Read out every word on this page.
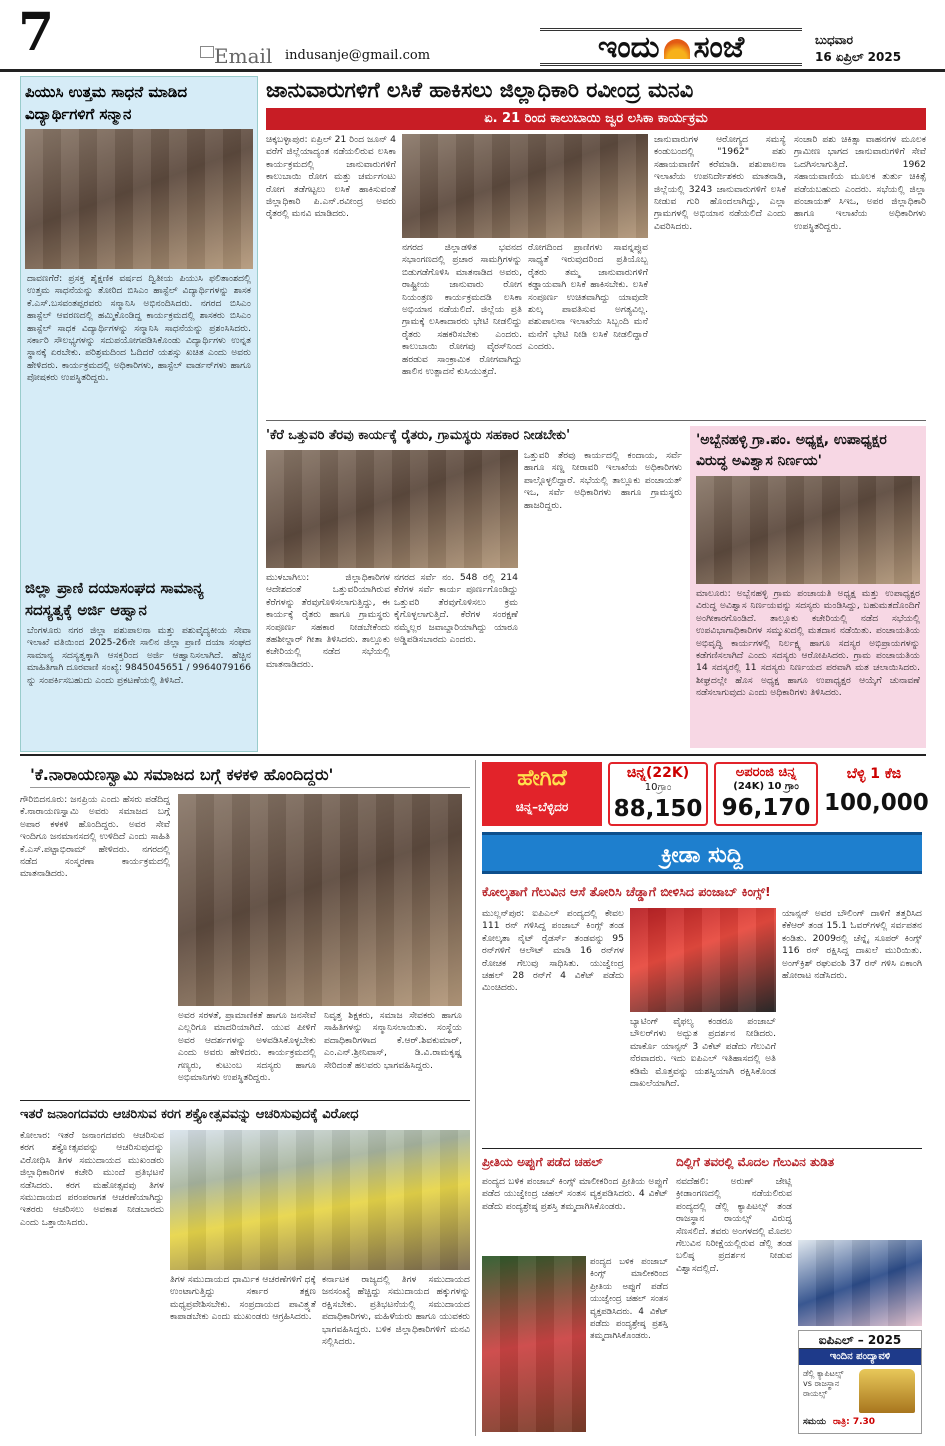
7	Email indusanje@gmail.com	ಇಂದು ಸಂಜೆ	ಬುಧವಾರ
16 ಏಪ್ರಿಲ್ 2025
ಪಿಯುಸಿ ಉತ್ತಮ ಸಾಧನೆ ಮಾಡಿದ ವಿದ್ಯಾರ್ಥಿಗಳಿಗೆ ಸನ್ಮಾನ
ದಾವಣಗೆರೆ: ಪ್ರಸಕ್ತ ಶೈಕ್ಷಣಿಕ ವರ್ಷದ ದ್ವಿತೀಯ ಪಿಯುಸಿ ಫಲಿತಾಂಶದಲ್ಲಿ ಉತ್ತಮ ಸಾಧನೆಯನ್ನು ತೋರಿದ ಬಿಸಿಎಂ ಹಾಸ್ಟೆಲ್ ವಿದ್ಯಾರ್ಥಿಗಳನ್ನು ಶಾಸಕ ಕೆ.ಎಸ್.ಬಸವಂತಪ್ಪರವರು ಸನ್ಮಾನಿಸಿ ಅಭಿನಂದಿಸಿದರು. ನಗರದ ಬಿಸಿಎಂ ಹಾಸ್ಟೆಲ್ ಆವರಣದಲ್ಲಿ ಹಮ್ಮಿಕೊಂಡಿದ್ದ ಕಾರ್ಯಕ್ರಮದಲ್ಲಿ ಶಾಸಕರು ಬಿಸಿಎಂ ಹಾಸ್ಟೆಲ್ ಸಾಧಕ ವಿದ್ಯಾರ್ಥಿಗಳನ್ನು ಸನ್ಮಾನಿಸಿ ಸಾಧನೆಯನ್ನು ಪ್ರಶಂಸಿಸಿದರು. ಸರ್ಕಾರಿ ಸೌಲಭ್ಯಗಳನ್ನು ಸದುಪಯೋಗಪಡಿಸಿಕೊಂಡು ವಿದ್ಯಾರ್ಥಿಗಳು ಉನ್ನತ ಸ್ಥಾನಕ್ಕೆ ಏರಬೇಕು. ಪರಿಶ್ರಮದಿಂದ ಓದಿದರೆ ಯಶಸ್ಸು ಖಚಿತ ಎಂದು ಅವರು ಹೇಳಿದರು. ಕಾರ್ಯಕ್ರಮದಲ್ಲಿ ಅಧಿಕಾರಿಗಳು, ಹಾಸ್ಟೆಲ್ ವಾರ್ಡನ್‌ಗಳು ಹಾಗೂ ಪೋಷಕರು ಉಪಸ್ಥಿತರಿದ್ದರು.
ಜಿಲ್ಲಾ ಪ್ರಾಣಿ ದಯಾಸಂಘದ ಸಾಮಾನ್ಯ ಸದಸ್ಯತ್ವಕ್ಕೆ ಅರ್ಜಿ ಆಹ್ವಾನ
ಬೆಂಗಳೂರು ನಗರ ಜಿಲ್ಲಾ ಪಶುಪಾಲನಾ ಮತ್ತು ಪಶುವೈದ್ಯಕೀಯ ಸೇವಾ ಇಲಾಖೆ ವತಿಯಿಂದ 2025-26ನೇ ಸಾಲಿನ ಜಿಲ್ಲಾ ಪ್ರಾಣಿ ದಯಾ ಸಂಘದ ಸಾಮಾನ್ಯ ಸದಸ್ಯತ್ವಕ್ಕಾಗಿ ಆಸಕ್ತರಿಂದ ಅರ್ಜಿ ಆಹ್ವಾನಿಸಲಾಗಿದೆ. ಹೆಚ್ಚಿನ ಮಾಹಿತಿಗಾಗಿ ದೂರವಾಣಿ ಸಂಖ್ಯೆ: 9845045651 / 9964079166 ನ್ನು ಸಂಪರ್ಕಿಸಬಹುದು ಎಂದು ಪ್ರಕಟಣೆಯಲ್ಲಿ ತಿಳಿಸಿದೆ.
ಜಾನುವಾರುಗಳಿಗೆ ಲಸಿಕೆ ಹಾಕಿಸಲು ಜಿಲ್ಲಾಧಿಕಾರಿ ರವೀಂದ್ರ ಮನವಿ
ಏ. 21 ರಿಂದ ಕಾಲುಬಾಯಿ ಜ್ವರ ಲಸಿಕಾ ಕಾರ್ಯಕ್ರಮ
ಚಿಕ್ಕಬಳ್ಳಾಪುರ: ಏಪ್ರಿಲ್ 21 ರಿಂದ ಜೂನ್ 4 ವರೆಗೆ ಜಿಲ್ಲೆಯಾದ್ಯಂತ ನಡೆಯಲಿರುವ ಲಸಿಕಾ ಕಾರ್ಯಕ್ರಮದಲ್ಲಿ ಜಾನುವಾರುಗಳಿಗೆ ಕಾಲುಬಾಯಿ ರೋಗ ಮತ್ತು ಚರ್ಮಗಂಟು ರೋಗ ತಡೆಗಟ್ಟಲು ಲಸಿಕೆ ಹಾಕಿಸುವಂತೆ ಜಿಲ್ಲಾಧಿಕಾರಿ ಪಿ.ಎನ್.ರವೀಂದ್ರ ಅವರು ರೈತರಲ್ಲಿ ಮನವಿ ಮಾಡಿದರು.
ನಗರದ ಜಿಲ್ಲಾಡಳಿತ ಭವನದ ಸಭಾಂಗಣದಲ್ಲಿ ಪ್ರಚಾರ ಸಾಮಗ್ರಿಗಳನ್ನು ಬಿಡುಗಡೆಗೊಳಿಸಿ ಮಾತನಾಡಿದ ಅವರು, ರಾಷ್ಟ್ರೀಯ ಜಾನುವಾರು ರೋಗ ನಿಯಂತ್ರಣ ಕಾರ್ಯಕ್ರಮದಡಿ ಲಸಿಕಾ ಅಭಿಯಾನ ನಡೆಯಲಿದೆ. ಜಿಲ್ಲೆಯ ಪ್ರತಿ ಗ್ರಾಮಕ್ಕೆ ಲಸಿಕಾದಾರರು ಭೇಟಿ ನೀಡಲಿದ್ದು ರೈತರು ಸಹಕರಿಸಬೇಕು ಎಂದರು. ಕಾಲುಬಾಯಿ ರೋಗವು ವೈರಸ್‌ನಿಂದ ಹರಡುವ ಸಾಂಕ್ರಾಮಿಕ ರೋಗವಾಗಿದ್ದು ಹಾಲಿನ ಉತ್ಪಾದನೆ ಕುಸಿಯುತ್ತದೆ.
ರೋಗದಿಂದ ಪ್ರಾಣಿಗಳು ಸಾವನ್ನಪ್ಪುವ ಸಾಧ್ಯತೆ ಇರುವುದರಿಂದ ಪ್ರತಿಯೊಬ್ಬ ರೈತರು ತಮ್ಮ ಜಾನುವಾರುಗಳಿಗೆ ಕಡ್ಡಾಯವಾಗಿ ಲಸಿಕೆ ಹಾಕಿಸಬೇಕು. ಲಸಿಕೆ ಸಂಪೂರ್ಣ ಉಚಿತವಾಗಿದ್ದು ಯಾವುದೇ ಶುಲ್ಕ ಪಾವತಿಸುವ ಅಗತ್ಯವಿಲ್ಲ. ಪಶುಪಾಲನಾ ಇಲಾಖೆಯ ಸಿಬ್ಬಂದಿ ಮನೆ ಮನೆಗೆ ಭೇಟಿ ನೀಡಿ ಲಸಿಕೆ ನೀಡಲಿದ್ದಾರೆ ಎಂದರು.
ಜಾನುವಾರುಗಳ ಆರೋಗ್ಯದ ಸಮಸ್ಯೆ ಕಂಡುಬಂದಲ್ಲಿ "1962" ಪಶು ಸಹಾಯವಾಣಿಗೆ ಕರೆಮಾಡಿ. ಪಶುಪಾಲನಾ ಇಲಾಖೆಯ ಉಪನಿರ್ದೇಶಕರು ಮಾತನಾಡಿ, ಜಿಲ್ಲೆಯಲ್ಲಿ 3243 ಜಾನುವಾರುಗಳಿಗೆ ಲಸಿಕೆ ನೀಡುವ ಗುರಿ ಹೊಂದಲಾಗಿದ್ದು, ಎಲ್ಲಾ ಗ್ರಾಮಗಳಲ್ಲಿ ಅಭಿಯಾನ ನಡೆಯಲಿದೆ ಎಂದು ವಿವರಿಸಿದರು.
ಸಂಚಾರಿ ಪಶು ಚಿಕಿತ್ಸಾ ವಾಹನಗಳ ಮೂಲಕ ಗ್ರಾಮೀಣ ಭಾಗದ ಜಾನುವಾರುಗಳಿಗೆ ಸೇವೆ ಒದಗಿಸಲಾಗುತ್ತಿದೆ. 1962 ಸಹಾಯವಾಣಿಯ ಮೂಲಕ ತುರ್ತು ಚಿಕಿತ್ಸೆ ಪಡೆಯಬಹುದು ಎಂದರು. ಸಭೆಯಲ್ಲಿ ಜಿಲ್ಲಾ ಪಂಚಾಯತ್ ಸಿಇಒ, ಅಪರ ಜಿಲ್ಲಾಧಿಕಾರಿ ಹಾಗೂ ಇಲಾಖೆಯ ಅಧಿಕಾರಿಗಳು ಉಪಸ್ಥಿತರಿದ್ದರು.
'ಕೆರೆ ಒತ್ತುವರಿ ತೆರವು ಕಾರ್ಯಕ್ಕೆ ರೈತರು, ಗ್ರಾಮಸ್ಥರು ಸಹಕಾರ ನೀಡಬೇಕು'
ಮುಳಬಾಗಿಲು: ಜಿಲ್ಲಾಧಿಕಾರಿಗಳ ಆದೇಶದಂತೆ ಒತ್ತುವರಿಯಾಗಿರುವ ಕೆರೆಗಳನ್ನು ತೆರವುಗೊಳಿಸಲಾಗುತ್ತಿದ್ದು, ಈ ಕಾರ್ಯಕ್ಕೆ ರೈತರು ಹಾಗೂ ಗ್ರಾಮಸ್ಥರು ಸಂಪೂರ್ಣ ಸಹಕಾರ ನೀಡಬೇಕೆಂದು ತಹಶೀಲ್ದಾರ್ ಗೀತಾ ತಿಳಿಸಿದರು. ತಾಲ್ಲೂಕು ಕಚೇರಿಯಲ್ಲಿ ನಡೆದ ಸಭೆಯಲ್ಲಿ ಮಾತನಾಡಿದರು.
ನಗರದ ಸರ್ವೆ ನಂ. 548 ರಲ್ಲಿ 214 ಕೆರೆಗಳ ಸರ್ವೆ ಕಾರ್ಯ ಪೂರ್ಣಗೊಂಡಿದ್ದು ಒತ್ತುವರಿ ತೆರವುಗೊಳಿಸಲು ಕ್ರಮ ಕೈಗೊಳ್ಳಲಾಗುತ್ತಿದೆ. ಕೆರೆಗಳ ಸಂರಕ್ಷಣೆ ನಮ್ಮೆಲ್ಲರ ಜವಾಬ್ದಾರಿಯಾಗಿದ್ದು ಯಾರೂ ಅಡ್ಡಿಪಡಿಸಬಾರದು ಎಂದರು.
ಒತ್ತುವರಿ ತೆರವು ಕಾರ್ಯದಲ್ಲಿ ಕಂದಾಯ, ಸರ್ವೆ ಹಾಗೂ ಸಣ್ಣ ನೀರಾವರಿ ಇಲಾಖೆಯ ಅಧಿಕಾರಿಗಳು ಪಾಲ್ಗೊಳ್ಳಲಿದ್ದಾರೆ. ಸಭೆಯಲ್ಲಿ ತಾಲ್ಲೂಕು ಪಂಚಾಯತ್ ಇಒ, ಸರ್ವೆ ಅಧಿಕಾರಿಗಳು ಹಾಗೂ ಗ್ರಾಮಸ್ಥರು ಹಾಜರಿದ್ದರು.
'ಅಬ್ಬೆನಹಳ್ಳಿ ಗ್ರಾ.ಪಂ. ಅಧ್ಯಕ್ಷ, ಉಪಾಧ್ಯಕ್ಷರ ವಿರುದ್ಧ ಅವಿಶ್ವಾಸ ನಿರ್ಣಯ'
ಮಾಲೂರು: ಅಬ್ಬೆನಹಳ್ಳಿ ಗ್ರಾಮ ಪಂಚಾಯತಿ ಅಧ್ಯಕ್ಷ ಮತ್ತು ಉಪಾಧ್ಯಕ್ಷರ ವಿರುದ್ಧ ಅವಿಶ್ವಾಸ ನಿರ್ಣಯವನ್ನು ಸದಸ್ಯರು ಮಂಡಿಸಿದ್ದು, ಬಹುಮತದೊಂದಿಗೆ ಅಂಗೀಕಾರಗೊಂಡಿದೆ. ತಾಲ್ಲೂಕು ಕಚೇರಿಯಲ್ಲಿ ನಡೆದ ಸಭೆಯಲ್ಲಿ ಉಪವಿಭಾಗಾಧಿಕಾರಿಗಳ ಸಮ್ಮುಖದಲ್ಲಿ ಮತದಾನ ನಡೆಯಿತು. ಪಂಚಾಯತಿಯ ಅಭಿವೃದ್ಧಿ ಕಾರ್ಯಗಳಲ್ಲಿ ನಿರ್ಲಕ್ಷ್ಯ ಹಾಗೂ ಸದಸ್ಯರ ಅಭಿಪ್ರಾಯಗಳನ್ನು ಕಡೆಗಣಿಸಲಾಗಿದೆ ಎಂದು ಸದಸ್ಯರು ಆರೋಪಿಸಿದರು. ಗ್ರಾಮ ಪಂಚಾಯತಿಯ 14 ಸದಸ್ಯರಲ್ಲಿ 11 ಸದಸ್ಯರು ನಿರ್ಣಯದ ಪರವಾಗಿ ಮತ ಚಲಾಯಿಸಿದರು. ಶೀಘ್ರದಲ್ಲೇ ಹೊಸ ಅಧ್ಯಕ್ಷ ಹಾಗೂ ಉಪಾಧ್ಯಕ್ಷರ ಆಯ್ಕೆಗೆ ಚುನಾವಣೆ ನಡೆಸಲಾಗುವುದು ಎಂದು ಅಧಿಕಾರಿಗಳು ತಿಳಿಸಿದರು.
'ಕೆ.ನಾರಾಯಣಸ್ವಾಮಿ ಸಮಾಜದ ಬಗ್ಗೆ ಕಳಕಳಿ ಹೊಂದಿದ್ದರು'
ಗೌರಿಬಿದನೂರು: ಜನಪ್ರಿಯ ಎಂದು ಹೆಸರು ಪಡೆದಿದ್ದ ಕೆ.ನಾರಾಯಣಸ್ವಾಮಿ ಅವರು ಸಮಾಜದ ಬಗ್ಗೆ ಅಪಾರ ಕಳಕಳಿ ಹೊಂದಿದ್ದರು. ಅವರ ಸೇವೆ ಇಂದಿಗೂ ಜನಮಾನಸದಲ್ಲಿ ಉಳಿದಿದೆ ಎಂದು ಸಾಹಿತಿ ಕೆ.ಎಸ್.ಪಟ್ಟಾಭಿರಾಮ್ ಹೇಳಿದರು. ನಗರದಲ್ಲಿ ನಡೆದ ಸಂಸ್ಮರಣಾ ಕಾರ್ಯಕ್ರಮದಲ್ಲಿ ಮಾತನಾಡಿದರು.
ಅವರ ಸರಳತೆ, ಪ್ರಾಮಾಣಿಕತೆ ಹಾಗೂ ಜನಸೇವೆ ಎಲ್ಲರಿಗೂ ಮಾದರಿಯಾಗಿದೆ. ಯುವ ಪೀಳಿಗೆ ಅವರ ಆದರ್ಶಗಳನ್ನು ಅಳವಡಿಸಿಕೊಳ್ಳಬೇಕು ಎಂದು ಅವರು ಹೇಳಿದರು. ಕಾರ್ಯಕ್ರಮದಲ್ಲಿ ಗಣ್ಯರು, ಕುಟುಂಬ ಸದಸ್ಯರು ಹಾಗೂ ಅಭಿಮಾನಿಗಳು ಉಪಸ್ಥಿತರಿದ್ದರು.
ನಿವೃತ್ತ ಶಿಕ್ಷಕರು, ಸಮಾಜ ಸೇವಕರು ಹಾಗೂ ಸಾಹಿತಿಗಳನ್ನು ಸನ್ಮಾನಿಸಲಾಯಿತು. ಸಂಸ್ಥೆಯ ಪದಾಧಿಕಾರಿಗಳಾದ ಕೆ.ಆರ್.ಶಿವಕುಮಾರ್, ಎಂ.ಎನ್.ಶ್ರೀನಿವಾಸ್, ಡಿ.ವಿ.ರಾಮಕೃಷ್ಣ ಸೇರಿದಂತೆ ಹಲವರು ಭಾಗವಹಿಸಿದ್ದರು.
ಇತರೆ ಜನಾಂಗದವರು ಆಚರಿಸುವ ಕರಗ ಶಕ್ತ್ಯೋತ್ಸವವನ್ನು ಆಚರಿಸುವುದಕ್ಕೆ ವಿರೋಧ
ಕೋಲಾರ: ಇತರೆ ಜನಾಂಗದವರು ಆಚರಿಸುವ ಕರಗ ಶಕ್ತ್ಯೋತ್ಸವವನ್ನು ಆಚರಿಸುವುದನ್ನು ವಿರೋಧಿಸಿ ತಿಗಳ ಸಮುದಾಯದ ಮುಖಂಡರು ಜಿಲ್ಲಾಧಿಕಾರಿಗಳ ಕಚೇರಿ ಮುಂದೆ ಪ್ರತಿಭಟನೆ ನಡೆಸಿದರು. ಕರಗ ಮಹೋತ್ಸವವು ತಿಗಳ ಸಮುದಾಯದ ಪರಂಪರಾಗತ ಆಚರಣೆಯಾಗಿದ್ದು ಇತರರು ಆಚರಿಸಲು ಅವಕಾಶ ನೀಡಬಾರದು ಎಂದು ಒತ್ತಾಯಿಸಿದರು.
ತಿಗಳ ಸಮುದಾಯದ ಧಾರ್ಮಿಕ ಆಚರಣೆಗಳಿಗೆ ಧಕ್ಕೆ ಉಂಟಾಗುತ್ತಿದ್ದು ಸರ್ಕಾರ ತಕ್ಷಣ ಮಧ್ಯಪ್ರವೇಶಿಸಬೇಕು. ಸಂಪ್ರದಾಯದ ಪಾವಿತ್ರ್ಯತೆ ಕಾಪಾಡಬೇಕು ಎಂದು ಮುಖಂಡರು ಆಗ್ರಹಿಸಿದರು.
ಕರ್ನಾಟಕ ರಾಜ್ಯದಲ್ಲಿ ತಿಗಳ ಸಮುದಾಯದ ಜನಸಂಖ್ಯೆ ಹೆಚ್ಚಿದ್ದು ಸಮುದಾಯದ ಹಕ್ಕುಗಳನ್ನು ರಕ್ಷಿಸಬೇಕು. ಪ್ರತಿಭಟನೆಯಲ್ಲಿ ಸಮುದಾಯದ ಪದಾಧಿಕಾರಿಗಳು, ಮಹಿಳೆಯರು ಹಾಗೂ ಯುವಕರು ಭಾಗವಹಿಸಿದ್ದರು. ಬಳಿಕ ಜಿಲ್ಲಾಧಿಕಾರಿಗಳಿಗೆ ಮನವಿ ಸಲ್ಲಿಸಿದರು.
ಹೇಗಿದೆ
ಚಿನ್ನ–ಬೆಳ್ಳಿದರ
ಚಿನ್ನ(22K)
10ಗ್ರಾಂ
88,150
ಅಪರಂಜಿ ಚಿನ್ನ
(24K) 10 ಗ್ರಾಂ
96,170
ಬೆಳ್ಳಿ 1 ಕೆಜಿ
100,000
ಕ್ರೀಡಾ ಸುದ್ದಿ
ಕೋಲ್ಕತಾಗೆ ಗೆಲುವಿನ ಆಸೆ ತೋರಿಸಿ ಚೆಡ್ಡಾಗೆ ಬೀಳಿಸಿದ ಪಂಜಾಬ್ ಕಿಂಗ್ಸ್!
ಮುಲ್ಲನ್‌ಪುರ: ಐಪಿಎಲ್ ಪಂದ್ಯದಲ್ಲಿ ಕೇವಲ 111 ರನ್ ಗಳಿಸಿದ್ದ ಪಂಜಾಬ್ ಕಿಂಗ್ಸ್ ತಂಡ ಕೋಲ್ಕತಾ ನೈಟ್ ರೈಡರ್ಸ್ ತಂಡವನ್ನು 95 ರನ್‌ಗಳಿಗೆ ಆಲೌಟ್ ಮಾಡಿ 16 ರನ್‌ಗಳ ರೋಚಕ ಗೆಲುವು ಸಾಧಿಸಿತು. ಯುಜ್ವೇಂದ್ರ ಚಹಲ್ 28 ರನ್‌ಗೆ 4 ವಿಕೆಟ್ ಪಡೆದು ಮಿಂಚಿದರು.
ಬ್ಯಾಟಿಂಗ್ ವೈಫಲ್ಯ ಕಂಡರೂ ಪಂಜಾಬ್ ಬೌಲರ್‌ಗಳು ಅದ್ಭುತ ಪ್ರದರ್ಶನ ನೀಡಿದರು. ಮಾರ್ಕೊ ಯಾನ್ಸನ್ 3 ವಿಕೆಟ್ ಪಡೆದು ಗೆಲುವಿಗೆ ನೆರವಾದರು. ಇದು ಐಪಿಎಲ್ ಇತಿಹಾಸದಲ್ಲಿ ಅತಿ ಕಡಿಮೆ ಮೊತ್ತವನ್ನು ಯಶಸ್ವಿಯಾಗಿ ರಕ್ಷಿಸಿಕೊಂಡ ದಾಖಲೆಯಾಗಿದೆ.
ಯಾನ್ಸನ್ ಅವರ ಬೌಲಿಂಗ್ ದಾಳಿಗೆ ತತ್ತರಿಸಿದ ಕೆಕೆಆರ್ ತಂಡ 15.1 ಓವರ್‌ಗಳಲ್ಲಿ ಸರ್ವಪತನ ಕಂಡಿತು. 2009ರಲ್ಲಿ ಚೆನ್ನೈ ಸೂಪರ್ ಕಿಂಗ್ಸ್ 116 ರನ್ ರಕ್ಷಿಸಿದ್ದ ದಾಖಲೆ ಮುರಿಯಿತು. ಅಂಗ್‌ಕ್ರಿಶ್ ರಘುವಂಶಿ 37 ರನ್ ಗಳಿಸಿ ಏಕಾಂಗಿ ಹೋರಾಟ ನಡೆಸಿದರು.
ಪ್ರೀತಿಯ ಅಪ್ಪುಗೆ ಪಡೆದ ಚಹಲ್
ಪಂದ್ಯದ ಬಳಿಕ ಪಂಜಾಬ್ ಕಿಂಗ್ಸ್ ಮಾಲೀಕರಿಂದ ಪ್ರೀತಿಯ ಅಪ್ಪುಗೆ ಪಡೆದ ಯುಜ್ವೇಂದ್ರ ಚಹಲ್ ಸಂತಸ ವ್ಯಕ್ತಪಡಿಸಿದರು. 4 ವಿಕೆಟ್ ಪಡೆದು ಪಂದ್ಯಶ್ರೇಷ್ಠ ಪ್ರಶಸ್ತಿ ತಮ್ಮದಾಗಿಸಿಕೊಂಡರು.
ಪಂದ್ಯದ ಬಳಿಕ ಪಂಜಾಬ್ ಕಿಂಗ್ಸ್ ಮಾಲೀಕರಿಂದ ಪ್ರೀತಿಯ ಅಪ್ಪುಗೆ ಪಡೆದ ಯುಜ್ವೇಂದ್ರ ಚಹಲ್ ಸಂತಸ ವ್ಯಕ್ತಪಡಿಸಿದರು. 4 ವಿಕೆಟ್ ಪಡೆದು ಪಂದ್ಯಶ್ರೇಷ್ಠ ಪ್ರಶಸ್ತಿ ತಮ್ಮದಾಗಿಸಿಕೊಂಡರು.
ದಿಲ್ಲಿಗೆ ತವರಲ್ಲಿ ಮೊದಲ ಗೆಲುವಿನ ತುಡಿತ
ನವದೆಹಲಿ: ಅರುಣ್ ಜೇಟ್ಲಿ ಕ್ರೀಡಾಂಗಣದಲ್ಲಿ ನಡೆಯಲಿರುವ ಪಂದ್ಯದಲ್ಲಿ ಡೆಲ್ಲಿ ಕ್ಯಾಪಿಟಲ್ಸ್ ತಂಡ ರಾಜಸ್ಥಾನ ರಾಯಲ್ಸ್ ವಿರುದ್ಧ ಸೆಣಸಲಿದೆ. ತವರು ಅಂಗಳದಲ್ಲಿ ಮೊದಲ ಗೆಲುವಿನ ನಿರೀಕ್ಷೆಯಲ್ಲಿರುವ ಡೆಲ್ಲಿ ತಂಡ ಬಲಿಷ್ಠ ಪ್ರದರ್ಶನ ನೀಡುವ ವಿಶ್ವಾಸದಲ್ಲಿದೆ.
ಐಪಿಎಲ್ – 2025
ಇಂದಿನ ಪಂದ್ಯಾವಳಿ
ಡೆಲ್ಲಿ ಕ್ಯಾಪಿಟಲ್ಸ್ vs ರಾಜಸ್ಥಾನ ರಾಯಲ್ಸ್
ಸಮಯ ರಾತ್ರಿ: 7.30
